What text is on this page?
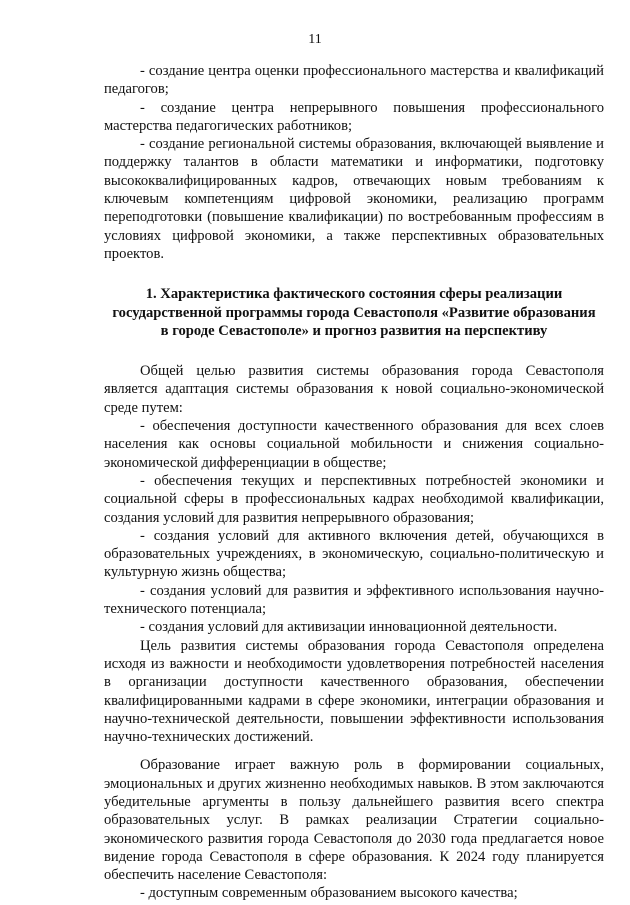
11

- создание центра оценки профессионального мастерства и квалификаций педагогов;

- создание центра непрерывного повышения профессионального мастерства педагогических работников;

- создание региональной системы образования, включающей выявление и поддержку талантов в области математики и информатики, подготовку высококвалифицированных кадров, отвечающих новым требованиям к ключевым компетенциям цифровой экономики, реализацию программ переподготовки (повышение квалификации) по востребованным профессиям в условиях цифровой экономики, а также перспективных образовательных проектов.

1. Характеристика фактического состояния сферы реализации государственной программы города Севастополя «Развитие образования в городе Севастополе» и прогноз развития на перспективу

Общей целью развития системы образования города Севастополя является адаптация системы образования к новой социально-экономической среде путем:

- обеспечения доступности качественного образования для всех слоев населения как основы социальной мобильности и снижения социально-экономической дифференциации в обществе;

- обеспечения текущих и перспективных потребностей экономики и социальной сферы в профессиональных кадрах необходимой квалификации, создания условий для развития непрерывного образования;

- создания условий для активного включения детей, обучающихся в образовательных учреждениях, в экономическую, социально-политическую и культурную жизнь общества;

- создания условий для развития и эффективного использования научно-технического потенциала;

- создания условий для активизации инновационной деятельности.

Цель развития системы образования города Севастополя определена исходя из важности и необходимости удовлетворения потребностей населения в организации доступности качественного образования, обеспечении квалифицированными кадрами в сфере экономики, интеграции образования и научно-технической деятельности, повышении эффективности использования научно-технических достижений.

Образование играет важную роль в формировании социальных, эмоциональных и других жизненно необходимых навыков. В этом заключаются убедительные аргументы в пользу дальнейшего развития всего спектра образовательных услуг. В рамках реализации Стратегии социально-экономического развития города Севастополя до 2030 года предлагается новое видение города Севастополя в сфере образования. К 2024 году планируется обеспечить население Севастополя:

- доступным современным образованием высокого качества;
